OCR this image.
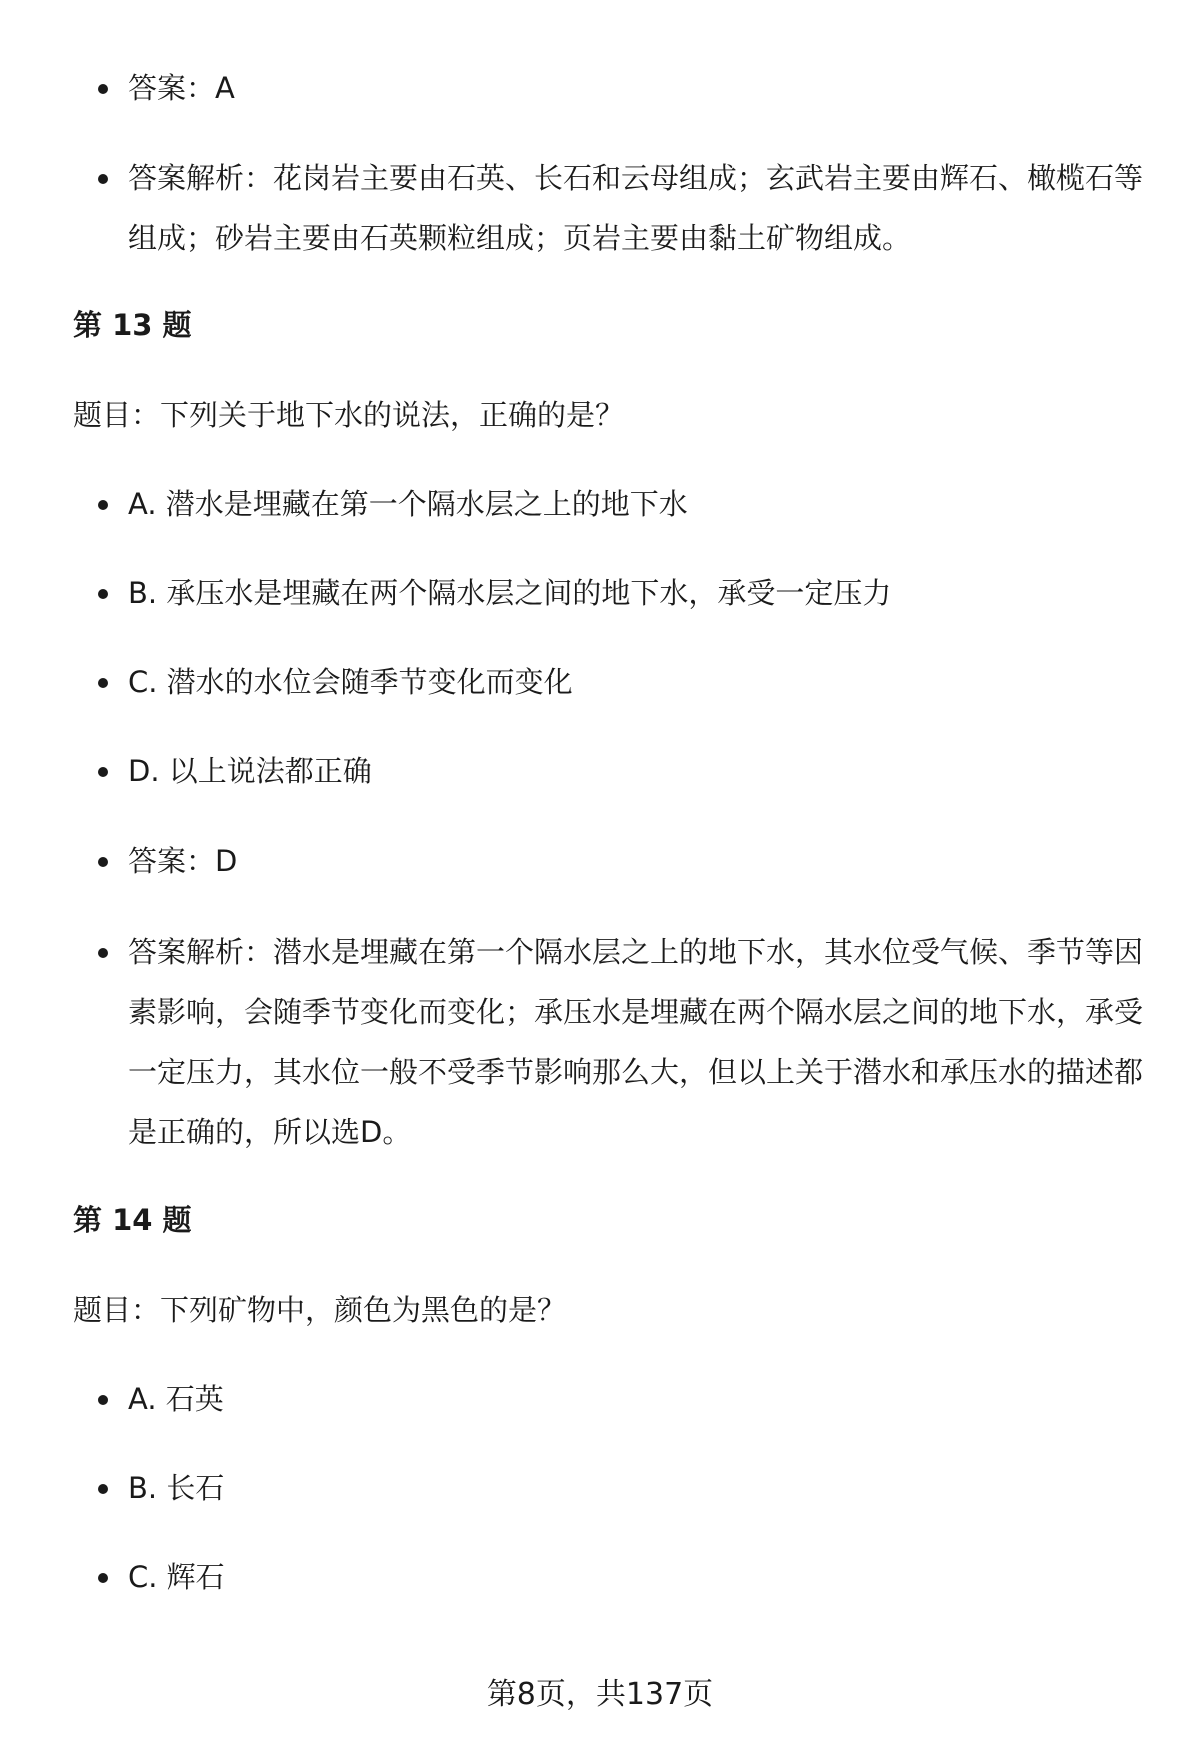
答案：A
答案解析：花岗岩主要由石英、长石和云母组成；玄武岩主要由辉石、橄榄石等组成；砂岩主要由石英颗粒组成；页岩主要由黏土矿物组成。
第 13 题
题目：下列关于地下水的说法，正确的是？
A. 潜水是埋藏在第一个隔水层之上的地下水
B. 承压水是埋藏在两个隔水层之间的地下水，承受一定压力
C. 潜水的水位会随季节变化而变化
D. 以上说法都正确
答案：D
答案解析：潜水是埋藏在第一个隔水层之上的地下水，其水位受气候、季节等因素影响，会随季节变化而变化；承压水是埋藏在两个隔水层之间的地下水，承受一定压力，其水位一般不受季节影响那么大，但以上关于潜水和承压水的描述都是正确的，所以选D。
第 14 题
题目：下列矿物中，颜色为黑色的是？
A. 石英
B. 长石
C. 辉石
第8页，共137页
